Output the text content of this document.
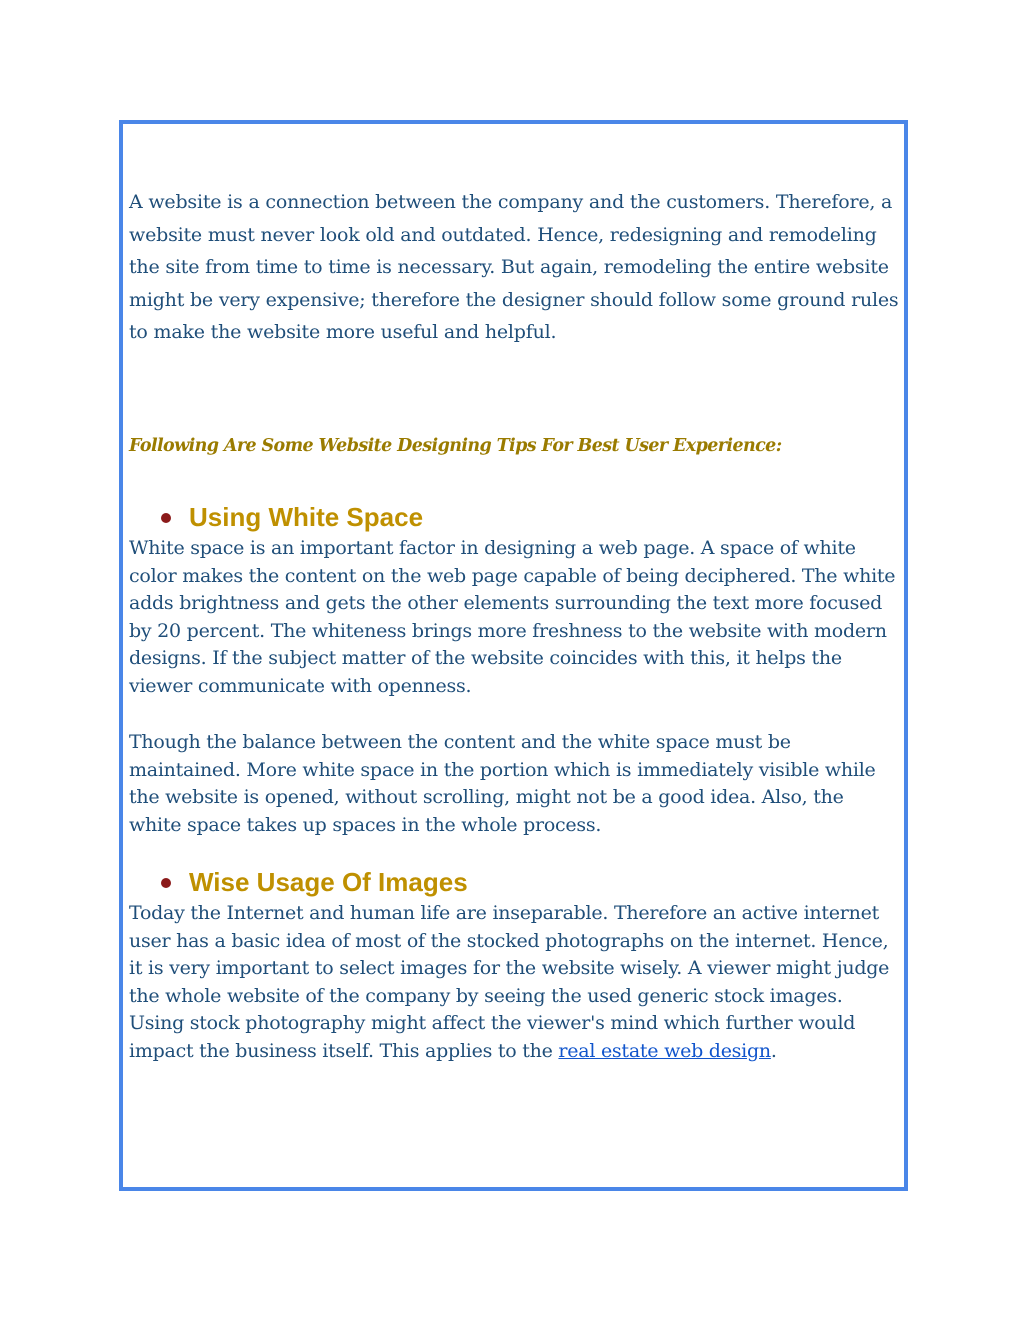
A website is a connection between the company and the customers. Therefore, a website must never look old and outdated. Hence, redesigning and remodeling the site from time to time is necessary. But again, remodeling the entire website might be very expensive; therefore the designer should follow some ground rules to make the website more useful and helpful.

Following Are Some Website Designing Tips For Best User Experience:

Using White Space

White space is an important factor in designing a web page. A space of white color makes the content on the web page capable of being deciphered. The white adds brightness and gets the other elements surrounding the text more focused by 20 percent. The whiteness brings more freshness to the website with modern designs. If the subject matter of the website coincides with this, it helps the viewer communicate with openness.

Though the balance between the content and the white space must be maintained. More white space in the portion which is immediately visible while the website is opened, without scrolling, might not be a good idea. Also, the white space takes up spaces in the whole process.

Wise Usage Of Images

Today the Internet and human life are inseparable. Therefore an active internet user has a basic idea of most of the stocked photographs on the internet. Hence, it is very important to select images for the website wisely. A viewer might judge the whole website of the company by seeing the used generic stock images. Using stock photography might affect the viewer's mind which further would impact the business itself. This applies to the real estate web design.
